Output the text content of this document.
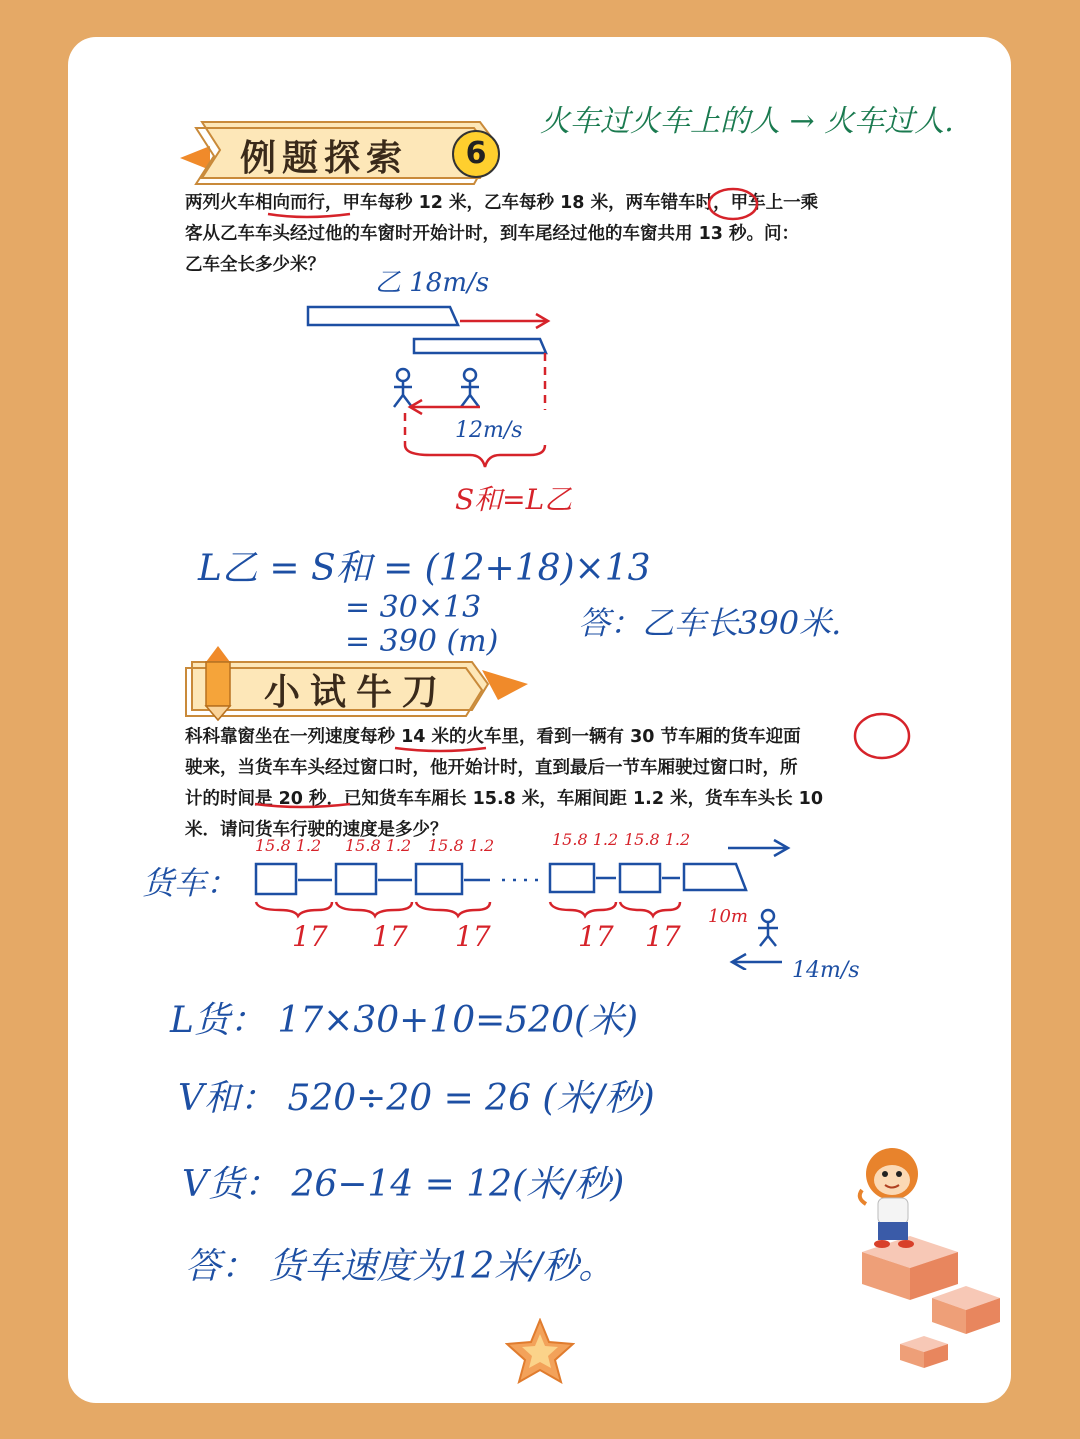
火车过火车上的人 → 火车过人.
例题探索	6
两列火车相向而行，甲车每秒 12 米，乙车每秒 18 米，两车错车时，甲车上一乘
客从乙车车头经过他的车窗时开始计时，到车尾经过他的车窗共用 13 秒。问：
乙车全长多少米？
乙 18m/s
12m/s
S和=L乙
L乙 = S和 = (12+18)×13
= 30×13
= 390 (m) 答：乙车长390米.
小试牛刀
科科靠窗坐在一列速度每秒 14 米的火车里，看到一辆有 30 节车厢的货车迎面
驶来，当货车车头经过窗口时，他开始计时，直到最后一节车厢驶过窗口时，所
计的时间是 20 秒．已知货车车厢长 15.8 米，车厢间距 1.2 米，货车车头长 10
米．请问货车行驶的速度是多少？
货车：
15.8 1.2 15.8 1.2 15.8 1.2	15.8 1.2 15.8 1.2
17 17 17	17 17
10m
14m/s
L货： 17×30+10=520(米)
V和： 520÷20 = 26 (米/秒)
V货： 26−14 = 12(米/秒)
答： 货车速度为12米/秒。
